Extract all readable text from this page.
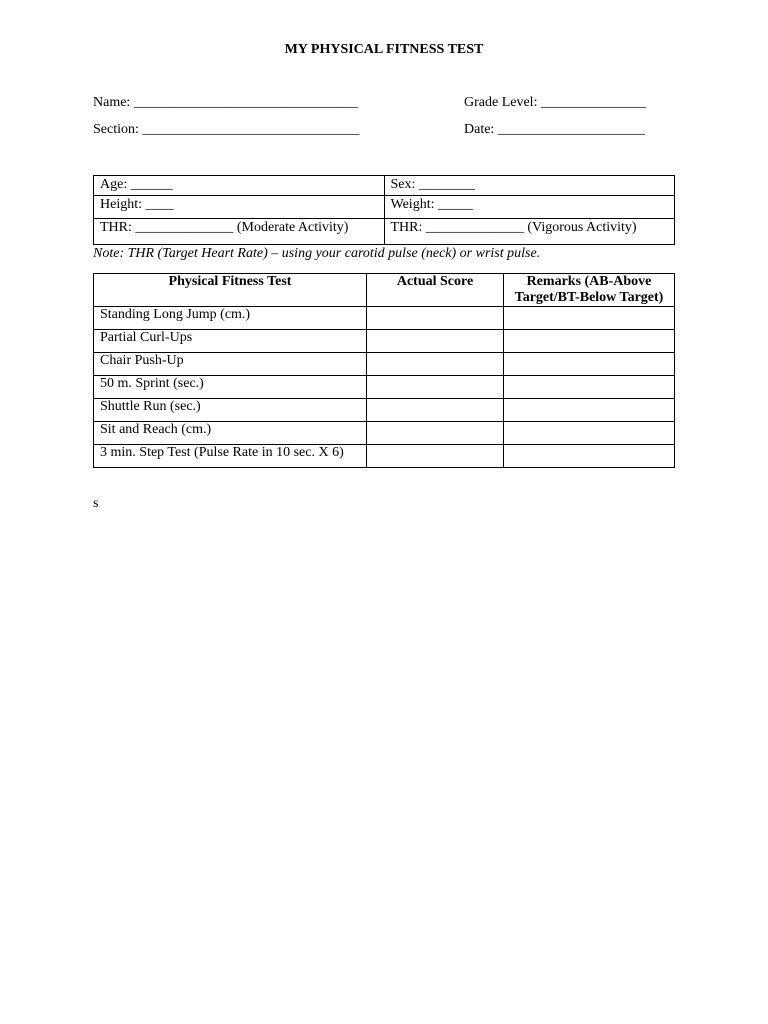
MY PHYSICAL FITNESS TEST
Name: ________________________________	Grade Level: _______________
Section: _______________________________	Date: _____________________
Age: ______	Sex: ________
Height: ____	Weight: _____
THR: ______________ (Moderate Activity)	THR: ______________ (Vigorous Activity)
Note: THR (Target Heart Rate) – using your carotid pulse (neck) or wrist pulse.
Physical Fitness Test	Actual Score	Remarks (AB-Above Target/BT-Below Target)
Standing Long Jump (cm.)		
Partial Curl-Ups		
Chair Push-Up		
50 m. Sprint (sec.)		
Shuttle Run (sec.)		
Sit and Reach (cm.)		
3 min. Step Test (Pulse Rate in 10 sec. X 6)		
s
